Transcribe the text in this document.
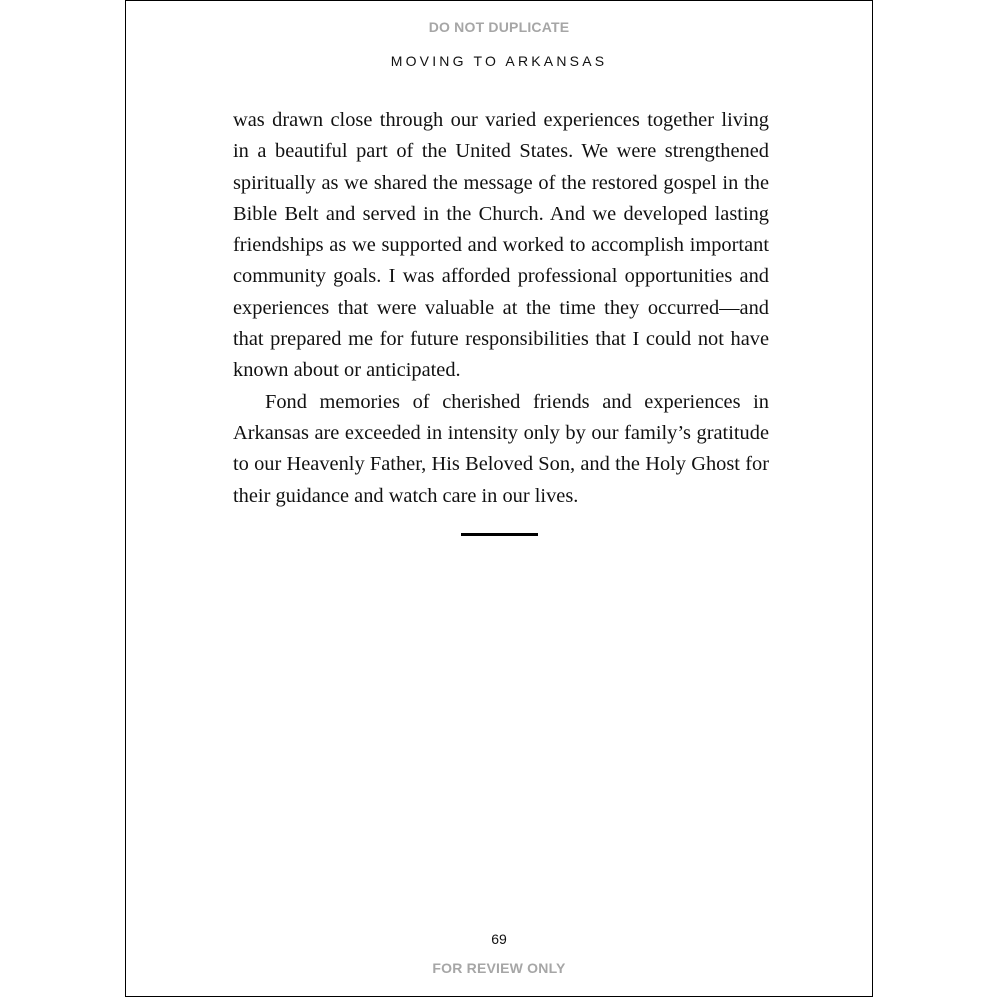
DO NOT DUPLICATE
MOVING TO ARKANSAS

was drawn close through our varied experiences together living in a beautiful part of the United States. We were strengthened spiritually as we shared the message of the restored gospel in the Bible Belt and served in the Church. And we developed lasting friendships as we supported and worked to accomplish important community goals. I was afforded professional opportunities and experiences that were valuable at the time they occurred—and that prepared me for future responsibilities that I could not have known about or anticipated.

Fond memories of cherished friends and experiences in Arkansas are exceeded in intensity only by our family’s gratitude to our Heavenly Father, His Beloved Son, and the Holy Ghost for their guidance and watch care in our lives.

69
FOR REVIEW ONLY
